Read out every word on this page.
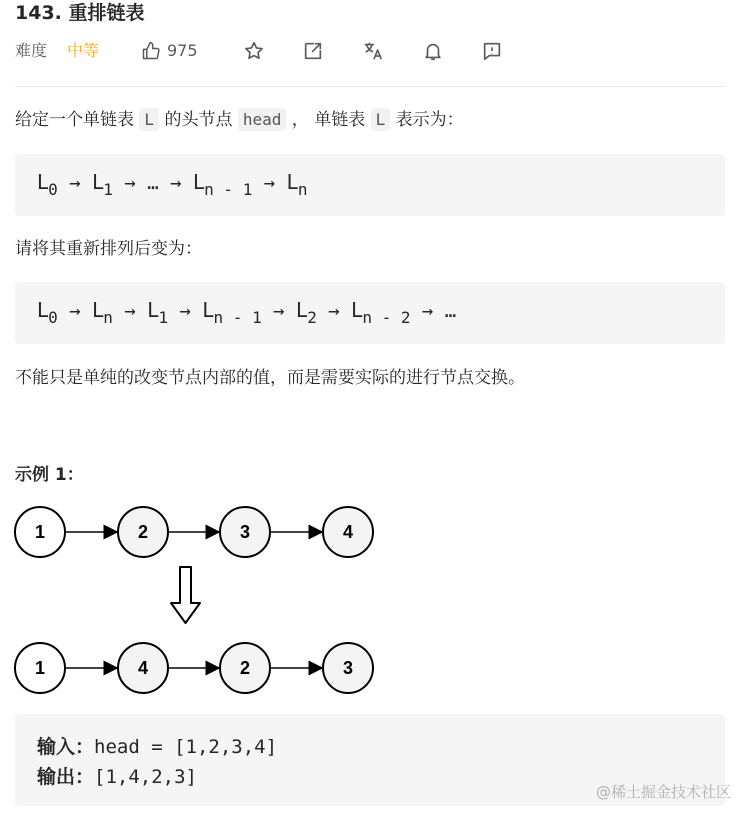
143. 重排链表
难度 中等	975
给定一个单链表 L 的头节点 head ， 单链表 L 表示为：
$L_0 \to L_1$ → … → $L_{n - 1} \to L_n$
请将其重新排列后变为：
$L_0 \to L_n \to L_1 \to L_{n - 1} \to L_2 \to L_{n - 2}$ → …
不能只是单纯的改变节点内部的值，而是需要实际的进行节点交换。
示例 1：
1	2	3	4
1	4	2	3
输入：head = [1,2,3,4]
输出：[1,4,2,3]
@稀土掘金技术社区
